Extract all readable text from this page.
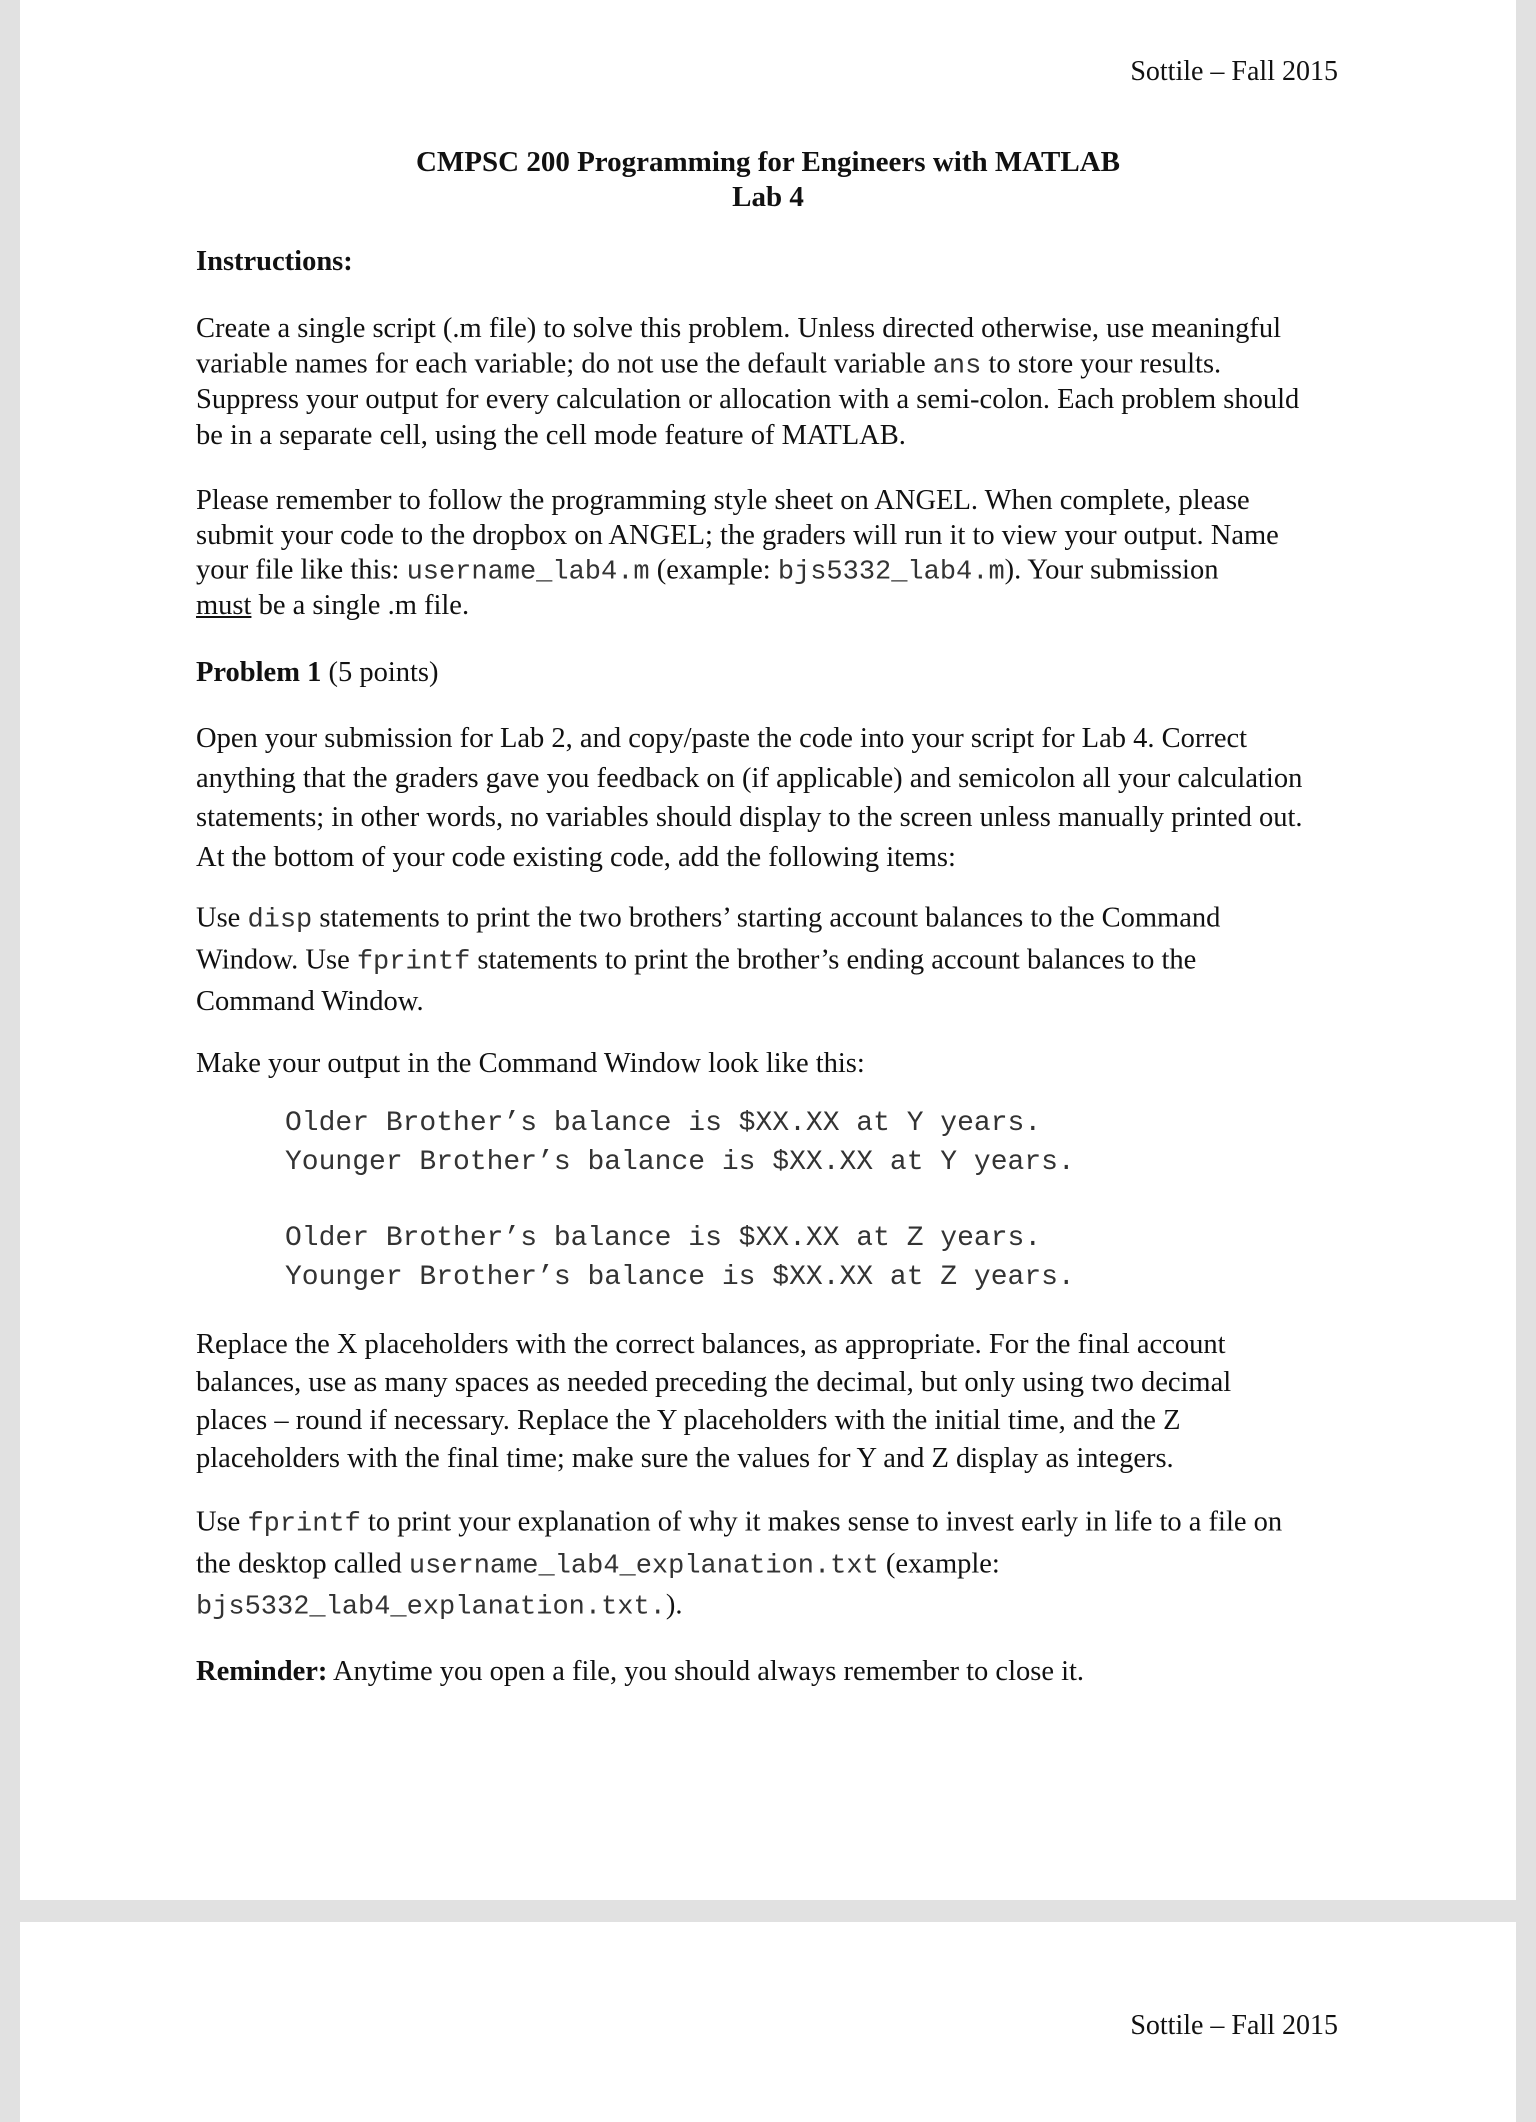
Sottile – Fall 2015
CMPSC 200 Programming for Engineers with MATLAB
Lab 4
Instructions:
Create a single script (.m file) to solve this problem. Unless directed otherwise, use meaningful
variable names for each variable; do not use the default variable ans to store your results.
Suppress your output for every calculation or allocation with a semi-colon. Each problem should
be in a separate cell, using the cell mode feature of MATLAB.
Please remember to follow the programming style sheet on ANGEL. When complete, please
submit your code to the dropbox on ANGEL; the graders will run it to view your output. Name
your file like this: username_lab4.m (example: bjs5332_lab4.m). Your submission
must be a single .m file.
Problem 1 (5 points)
Open your submission for Lab 2, and copy/paste the code into your script for Lab 4. Correct
anything that the graders gave you feedback on (if applicable) and semicolon all your calculation
statements; in other words, no variables should display to the screen unless manually printed out.
At the bottom of your code existing code, add the following items:
Use disp statements to print the two brothers’ starting account balances to the Command
Window. Use fprintf statements to print the brother’s ending account balances to the
Command Window.
Make your output in the Command Window look like this:
Replace the X placeholders with the correct balances, as appropriate. For the final account
balances, use as many spaces as needed preceding the decimal, but only using two decimal
places – round if necessary. Replace the Y placeholders with the initial time, and the Z
placeholders with the final time; make sure the values for Y and Z display as integers.
Use fprintf to print your explanation of why it makes sense to invest early in life to a file on
the desktop called username_lab4_explanation.txt (example:
bjs5332_lab4_explanation.txt.).
Reminder: Anytime you open a file, you should always remember to close it.
Older Brother’s balance is $XX.XX at Y years.
Younger Brother’s balance is $XX.XX at Y years.
Older Brother’s balance is $XX.XX at Z years.
Younger Brother’s balance is $XX.XX at Z years.
Sottile – Fall 2015
